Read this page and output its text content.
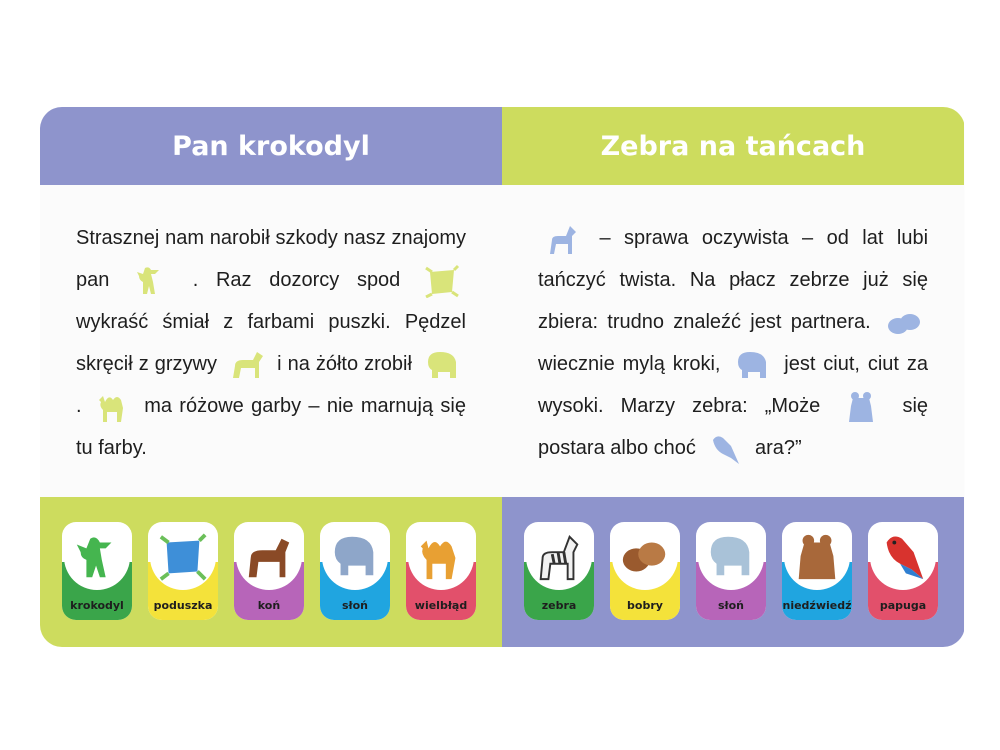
Pan krokodyl
Strasznej nam narobił szkody nasz znajomy pan	. Raz dozorcy spod  wykraść śmiał z farbami puszki. Pędzel skręcił z grzywy	i na żółto zrobił  .	ma różowe garby – nie marnują się tu farby.
krokodyl	poduszka	koń	słoń	wielbłąd
Zebra na tańcach
– sprawa oczywista – od lat lubi tańczyć twista. Na płacz zebrze już się zbiera: trudno znaleźć jest partnera.  wiecznie mylą kroki,	jest ciut, ciut za wysoki. Marzy zebra: „Może	się postara albo choć	ara?”
zebra	bobry	słoń	niedźwiedź	papuga
